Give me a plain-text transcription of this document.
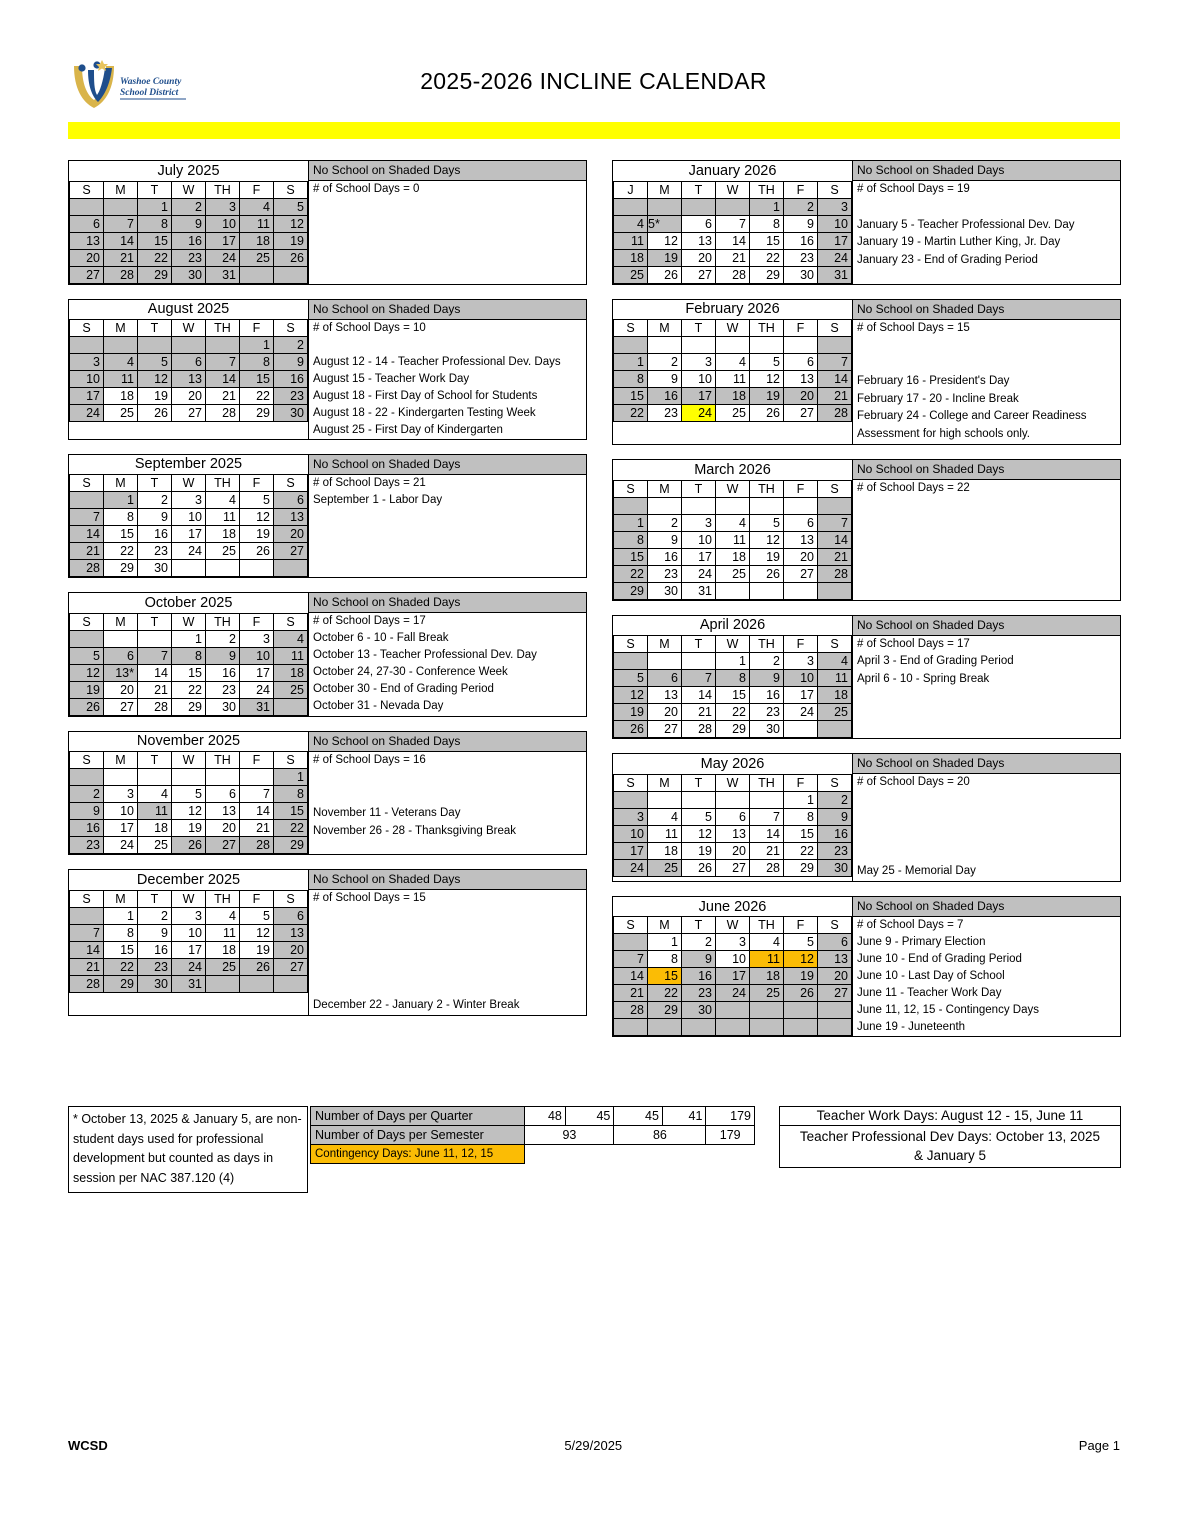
Washoe County
School District	2025-2026 INCLINE CALENDAR
July 2025						
S	M	T	W	TH	F	S
		1	2	3	4	5
6	7	8	9	10	11	12
13	14	15	16	17	18	19
20	21	22	23	24	25	26
27	28	29	30	31		
No School on Shaded Days
# of School Days = 0
August 2025						
S	M	T	W	TH	F	S
					1	2
3	4	5	6	7	8	9
10	11	12	13	14	15	16
17	18	19	20	21	22	23
24	25	26	27	28	29	30
No School on Shaded Days
# of School Days = 10
August 12 - 14 - Teacher Professional Dev. Days
August 15 - Teacher Work Day
August 18 - First Day of School for Students
August 18 - 22 - Kindergarten Testing Week
August 25 - First Day of Kindergarten
September 2025						
S	M	T	W	TH	F	S
	1	2	3	4	5	6
7	8	9	10	11	12	13
14	15	16	17	18	19	20
21	22	23	24	25	26	27
28	29	30				
No School on Shaded Days
# of School Days = 21
September 1 - Labor Day
October 2025						
S	M	T	W	TH	F	S
			1	2	3	4
5	6	7	8	9	10	11
12	13*	14	15	16	17	18
19	20	21	22	23	24	25
26	27	28	29	30	31	
No School on Shaded Days
# of School Days = 17
October 6 - 10 - Fall Break
October 13 - Teacher Professional Dev. Day
October 24, 27-30 - Conference Week
October 30 - End of Grading Period
October 31 - Nevada Day
November 2025						
S	M	T	W	TH	F	S
						1
2	3	4	5	6	7	8
9	10	11	12	13	14	15
16	17	18	19	20	21	22
23	24	25	26	27	28	29
No School on Shaded Days
# of School Days = 16
November 11 - Veterans Day
November 26 - 28 - Thanksgiving Break
December 2025						
S	M	T	W	TH	F	S
	1	2	3	4	5	6
7	8	9	10	11	12	13
14	15	16	17	18	19	20
21	22	23	24	25	26	27
28	29	30	31			
No School on Shaded Days
# of School Days = 15
December 22 - January 2 - Winter Break
January 2026						
J	M	T	W	TH	F	S
				1	2	3
4	5*	6	7	8	9	10
11	12	13	14	15	16	17
18	19	20	21	22	23	24
25	26	27	28	29	30	31
No School on Shaded Days
# of School Days = 19
January 5 - Teacher Professional Dev. Day
January 19 - Martin Luther King, Jr. Day
January 23 - End of Grading Period
February 2026						
S	M	T	W	TH	F	S

1	2	3	4	5	6	7
8	9	10	11	12	13	14
15	16	17	18	19	20	21
22	23	24	25	26	27	28
No School on Shaded Days
# of School Days = 15
February 16 - President's Day
February 17 - 20 - Incline Break
February 24 - College and Career Readiness
Assessment for high schools only.
March 2026						
S	M	T	W	TH	F	S

1	2	3	4	5	6	7
8	9	10	11	12	13	14
15	16	17	18	19	20	21
22	23	24	25	26	27	28
29	30	31				
No School on Shaded Days
# of School Days = 22
April 2026						
S	M	T	W	TH	F	S
			1	2	3	4
5	6	7	8	9	10	11
12	13	14	15	16	17	18
19	20	21	22	23	24	25
26	27	28	29	30		
No School on Shaded Days
# of School Days = 17
April 3 - End of Grading Period
April 6 - 10 - Spring Break
May 2026						
S	M	T	W	TH	F	S
					1	2
3	4	5	6	7	8	9
10	11	12	13	14	15	16
17	18	19	20	21	22	23
24	25	26	27	28	29	30
No School on Shaded Days
# of School Days = 20
May 25 - Memorial Day
June 2026						
S	M	T	W	TH	F	S
	1	2	3	4	5	6
7	8	9	10	11	12	13
14	15	16	17	18	19	20
21	22	23	24	25	26	27
28	29	30				

No School on Shaded Days
# of School Days = 7
June 9 - Primary Election
June 10 - End of Grading Period
June 10 - Last Day of School
June 11 - Teacher Work Day
June 11, 12, 15 - Contingency Days
June 19 - Juneteenth
* October 13, 2025 & January 5, are non-student days used for professional development but counted as days in session per NAC 387.120 (4)
Number of Days per Quarter	48	45	45	41	179
Number of Days per Semester	93		86		179
Contingency Days: June 11, 12, 15					
Teacher Work Days: August 12 - 15, June 11
Teacher Professional Dev Days: October 13, 2025
& January 5
WCSD	5/29/2025	Page 1
